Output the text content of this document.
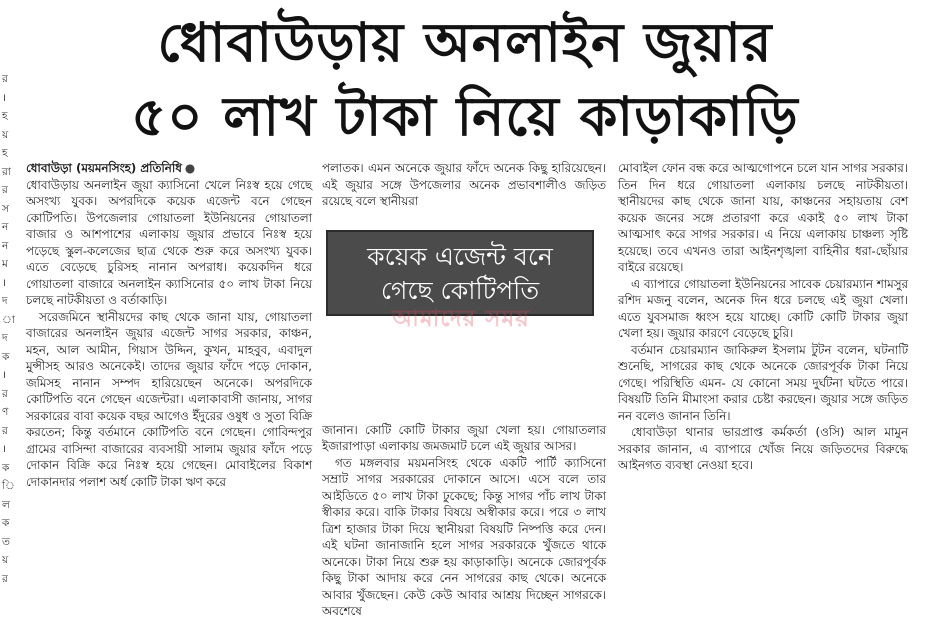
র
।
হ
য়
হ
রা
র
স
ন
ন
ম
।
দ
া
দ
ক
।
র
ণ
র
।
ক
ি
ল
ক
ত
য়
র
ধোবাউড়ায় অনলাইন জুয়ার
৫০ লাখ টাকা নিয়ে কাড়াকাড়ি

ধোবাউড়া (ময়মনসিংহ) প্রতিনিধি ●

ধোবাউড়ায় অনলাইন জুয়া ক্যাসিনো খেলে নিঃস্ব হয়ে গেছে অসংখ্য যুবক। অপরদিকে কয়েক এজেন্ট বনে গেছেন কোটিপতি। উপজেলার গোয়াতলা ইউনিয়নের গোয়াতলা বাজার ও আশপাশের এলাকায় জুয়ার প্রভাবে নিঃস্ব হয়ে পড়েছে স্কুল-কলেজের ছাত্র থেকে শুরু করে অসংখ্য যুবক। এতে বেড়েছে চুরিসহ নানান অপরাধ। কয়েকদিন ধরে গোয়াতলা বাজারে অনলাইন ক্যাসিনোর ৫০ লাখ টাকা নিয়ে চলছে নাটকীয়তা ও বর্তাকাড়ি।

সরেজমিনে স্থানীয়দের কাছ থেকে জানা যায়, গোয়াতলা বাজারের অনলাইন জুয়ার এজেন্ট সাগর সরকার, কাঞ্চন, মহন, আল আমীন, গিয়াস উদ্দিন, কুখন, মাহবুব, এবাদুল মুন্সীসহ আরও অনেকেই। তাদের জুয়ার ফাঁদে পড়ে দোকান, জমিসহ নানান সম্পদ হারিয়েছেন অনেকে। অপরদিকে কোটিপতি বনে গেছেন এজেন্টরা। এলাকাবাসী জানায়, সাগর সরকারের বাবা কয়েক বছর আগেও ইঁদুরের ওষুধ ও সুতা বিক্রি করতেন; কিন্তু বর্তমানে কোটিপতি বনে গেছেন। গোবিন্দপুর গ্রামের বাসিন্দা বাজারের ব্যবসায়ী সালাম জুয়ার ফাঁদে পড়ে দোকান বিক্রি করে নিঃস্ব হয়ে গেছেন। মোবাইলের বিকাশ দোকানদার পলাশ অর্ধ কোটি টাকা ঋণ করে

পলাতক। এমন অনেকে জুয়ার ফাঁদে অনেক কিছু হারিয়েছেন। এই জুয়ার সঙ্গে উপজেলার অনেক প্রভাবশালীও জড়িত রয়েছে বলে স্থানীয়রা

জানান। কোটি কোটি টাকার জুয়া খেলা হয়। গোয়াতলার ইজারাপাড়া এলাকায় জমজমাট চলে এই জুয়ার আসর।

গত মঙ্গলবার ময়মনসিংহ থেকে একটি পার্টি ক্যাসিনো সম্রাট সাগর সরকারের দোকানে আসে। এসে বলে তার আইডিতে ৫০ লাখ টাকা ঢুকেছে; কিন্তু সাগর পাঁচ লাখ টাকা স্বীকার করে। বাকি টাকার বিষয়ে অস্বীকার করে। পরে ৩ লাখ ত্রিশ হাজার টাকা দিয়ে স্থানীয়রা বিষয়টি নিষ্পত্তি করে দেন। এই ঘটনা জানাজানি হলে সাগর সরকারকে খুঁজতে থাকে অনেকে। টাকা নিয়ে শুরু হয় কাড়াকাড়ি। অনেকে জোরপূর্বক কিছু টাকা আদায় করে নেন সাগরের কাছ থেকে। অনেকে আবার খুঁজছেন। কেউ কেউ আবার আশ্রয় দিচ্ছেন সাগরকে। অবশেষে

মোবাইল ফোন বন্ধ করে আত্মগোপনে চলে যান সাগর সরকার। তিন দিন ধরে গোয়াতলা এলাকায় চলছে নাটকীয়তা। স্থানীয়দের কাছ থেকে জানা যায়, কাঞ্চনের সহায়তায় বেশ কয়েক জনের সঙ্গে প্রতারণা করে একাই ৫০ লাখ টাকা আত্মসাৎ করে সাগর সরকার। এ নিয়ে এলাকায় চাঞ্চল্য সৃষ্টি হয়েছে। তবে এখনও তারা আইনশৃঙ্খলা বাহিনীর ধরা-ছোঁয়ার বাইরে রয়েছে।

এ ব্যাপারে গোয়াতলা ইউনিয়নের সাবেক চেয়ারম্যান শামসুর রশিদ মজনু বলেন, অনেক দিন ধরে চলছে এই জুয়া খেলা। এতে যুবসমাজ ধ্বংস হয়ে যাচ্ছে। কোটি কোটি টাকার জুয়া খেলা হয়। জুয়ার কারণে বেড়েছে চুরি।

বর্তমান চেয়ারম্যান জাকিরুল ইসলাম টুটন বলেন, ঘটনাটি শুনেছি, সাগরের কাছ থেকে অনেকে জোরপূর্বক টাকা নিয়ে গেছে। পরিস্থিতি এমন- যে কোনো সময় দুর্ঘটনা ঘটতে পারে। বিষয়টি তিনি মীমাংসা করার চেষ্টা করছেন। জুয়ার সঙ্গে জড়িত নন বলেও জানান তিনি।

ধোবাউড়া থানার ভারপ্রাপ্ত কর্মকর্তা (ওসি) আল মামুন সরকার জানান, এ ব্যাপারে খোঁজ নিয়ে জড়িতদের বিরুদ্ধে আইনগত ব্যবস্থা নেওয়া হবে।

কয়েক এজেন্ট বনে
গেছে কোটিপতি
আমাদের সময়
